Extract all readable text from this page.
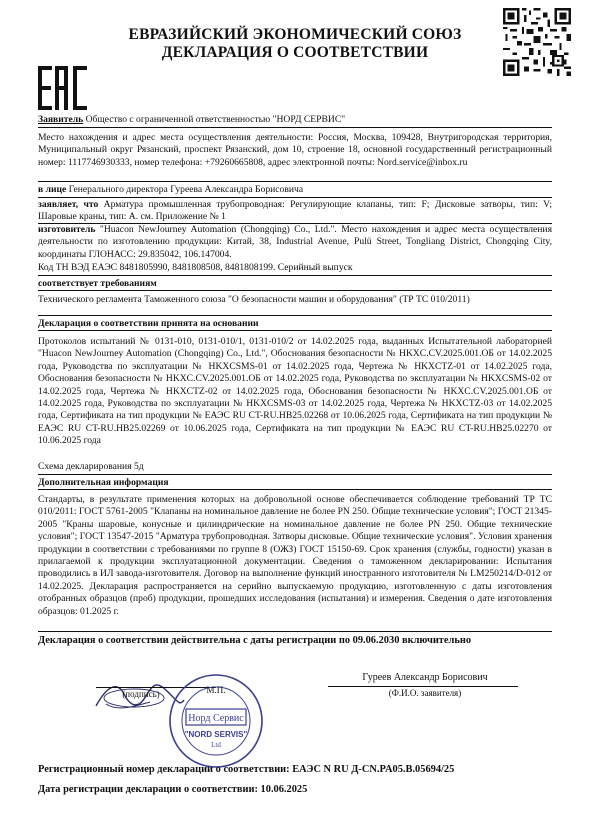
ЕВРАЗИЙСКИЙ ЭКОНОМИЧЕСКИЙ СОЮЗ
ДЕКЛАРАЦИЯ О СООТВЕТСТВИИ
Заявитель Общество с ограниченной ответственностью "НОРД СЕРВИС"
Место нахождения и адрес места осуществления деятельности: Россия, Москва, 109428, Внутригородская территория, Муниципальный округ Рязанский, проспект Рязанский, дом 10, строение 18, основной государственный регистрационный номер: 1117746930333, номер телефона: +79260665808, адрес электронной почты: Nord.service@inbox.ru
в лице Генерального директора Гуреева Александра Борисовича
заявляет, что Арматура промышленная трубопроводная: Регулирующие клапаны, тип: F; Дисковые затворы, тип: V; Шаровые краны, тип: А. см. Приложение № 1
изготовитель "Huacon NewJourney Automation (Chongqing) Co., Ltd.". Место нахождения и адрес места осуществления деятельности по изготовлению продукции: Китай, 38, Industrial Avenue, Pulü Street, Tongliang District, Chongqing City, координаты ГЛОНАСС: 29.835042, 106.147004.
Код ТН ВЭД ЕАЭС 8481805990, 8481808508, 8481808199. Серийный выпуск
соответствует требованиям
Технического регламента Таможенного союза "О безопасности машин и оборудования" (ТР ТС 010/2011)
Декларация о соответствии принята на основании
Протоколов испытаний № 0131-010, 0131-010/1, 0131-010/2 от 14.02.2025 года, выданных Испытательной лабораторией "Huacon NewJourney Automation (Chongqing) Co., Ltd.", Обоснования безопасности № HKXC.CV.2025.001.ОБ от 14.02.2025 года, Руководства по эксплуатации № HKXCSMS-01 от 14.02.2025 года, Чертежа № HKXCTZ-01 от 14.02.2025 года, Обоснования безопасности № HKXC.CV.2025.001.ОБ от 14.02.2025 года, Руководства по эксплуатации № HKXCSMS-02 от 14.02.2025 года, Чертежа № HKXCTZ-02 от 14.02.2025 года, Обоснования безопасности № HKXC.CV.2025.001.ОБ от 14.02.2025 года, Руководства по эксплуатации № HKXCSMS-03 от 14.02.2025 года, Чертежа № HKXCTZ-03 от 14.02.2025 года, Сертификата на тип продукции № ЕАЭС RU CT-RU.HB25.02268 от 10.06.2025 года, Сертификата на тип продукции № ЕАЭС RU CT-RU.HB25.02269 от 10.06.2025 года, Сертификата на тип продукции № ЕАЭС RU CT-RU.HB25.02270 от 10.06.2025 года
Схема декларирования 5д
Дополнительная информация
Стандарты, в результате применения которых на добровольной основе обеспечивается соблюдение требований ТР ТС 010/2011: ГОСТ 5761-2005 "Клапаны на номинальное давление не более PN 250. Общие технические условия"; ГОСТ 21345-2005 "Краны шаровые, конусные и цилиндрические на номинальное давление не более PN 250. Общие технические условия"; ГОСТ 13547-2015 "Арматура трубопроводная. Затворы дисковые. Общие технические условия". Условия хранения продукции в соответствии с требованиями по группе 8 (ОЖЗ) ГОСТ 15150-69. Срок хранения (службы, годности) указан в прилагаемой к продукции эксплуатационной документации. Сведения о таможенном декларировании: Испытания проводились в ИЛ завода-изготовителя. Договор на выполнение функций иностранного изготовителя № LM250214/D-012 от 14.02.2025. Декларация распространяется на серийно выпускаемую продукцию, изготовленную с даты изготовления отобранных образцов (проб) продукции, прошедших исследования (испытания) и измерения. Сведения о дате изготовления образцов: 01.2025 г.
Декларация о соответствии действительна с даты регистрации по 09.06.2030 включительно
(подпись)	М.П.
Норд Сервис
"NORD SERVIS"
Ltd
Гуреев Александр Борисович
(Ф.И.О. заявителя)
Регистрационный номер декларации о соответствии: ЕАЭС N RU Д-CN.PA05.B.05694/25
Дата регистрации декларации о соответствии: 10.06.2025
